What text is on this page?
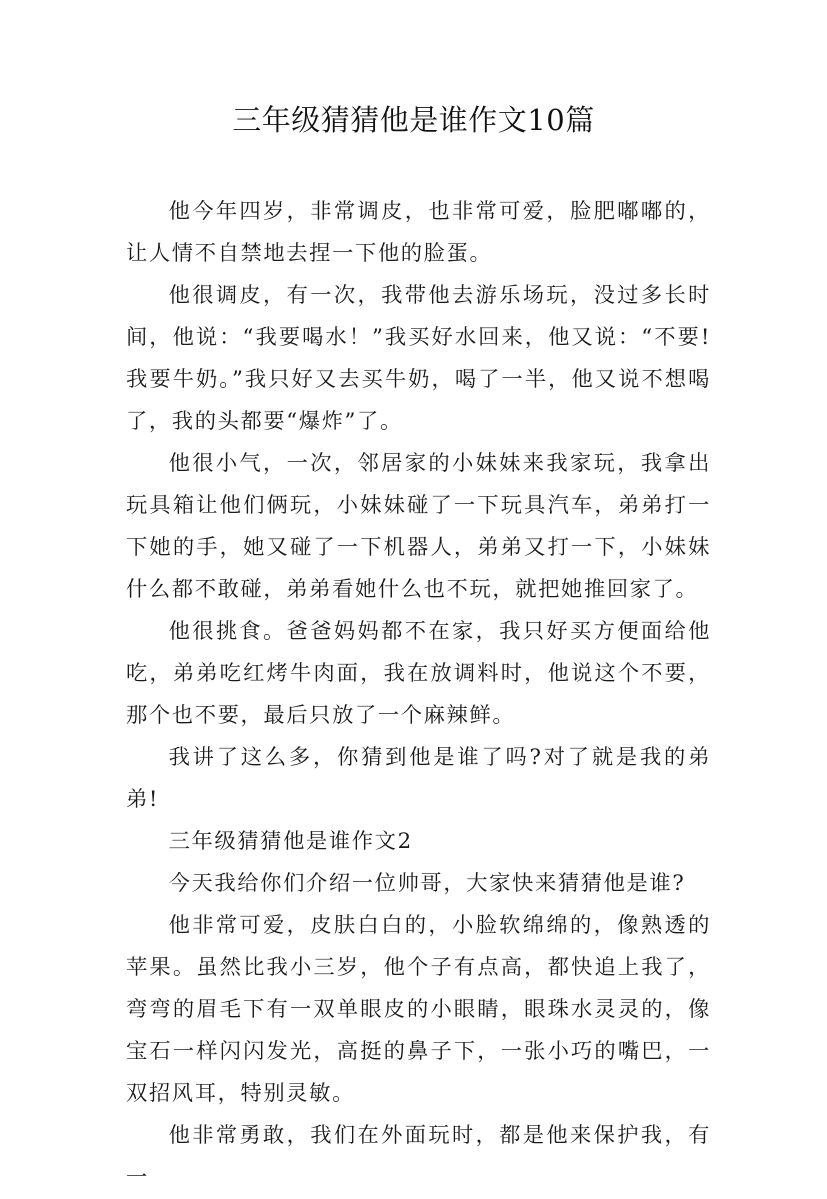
三年级猜猜他是谁作文10篇

他今年四岁，非常调皮，也非常可爱，脸肥嘟嘟的，让人情不自禁地去捏一下他的脸蛋。

他很调皮，有一次，我带他去游乐场玩，没过多长时间，他说：“我要喝水！”我买好水回来，他又说：“不要!我要牛奶。”我只好又去买牛奶，喝了一半，他又说不想喝了，我的头都要“爆炸”了。

他很小气，一次，邻居家的小妹妹来我家玩，我拿出玩具箱让他们俩玩，小妹妹碰了一下玩具汽车，弟弟打一下她的手，她又碰了一下机器人，弟弟又打一下，小妹妹什么都不敢碰，弟弟看她什么也不玩，就把她推回家了。

他很挑食。爸爸妈妈都不在家，我只好买方便面给他吃，弟弟吃红烤牛肉面，我在放调料时，他说这个不要，那个也不要，最后只放了一个麻辣鲜。

我讲了这么多，你猜到他是谁了吗?对了就是我的弟弟!

三年级猜猜他是谁作文2

今天我给你们介绍一位帅哥，大家快来猜猜他是谁?

他非常可爱，皮肤白白的，小脸软绵绵的，像熟透的苹果。虽然比我小三岁，他个子有点高，都快追上我了，弯弯的眉毛下有一双单眼皮的小眼睛，眼珠水灵灵的，像宝石一样闪闪发光，高挺的鼻子下，一张小巧的嘴巴，一双招风耳，特别灵敏。

他非常勇敢，我们在外面玩时，都是他来保护我，有一
